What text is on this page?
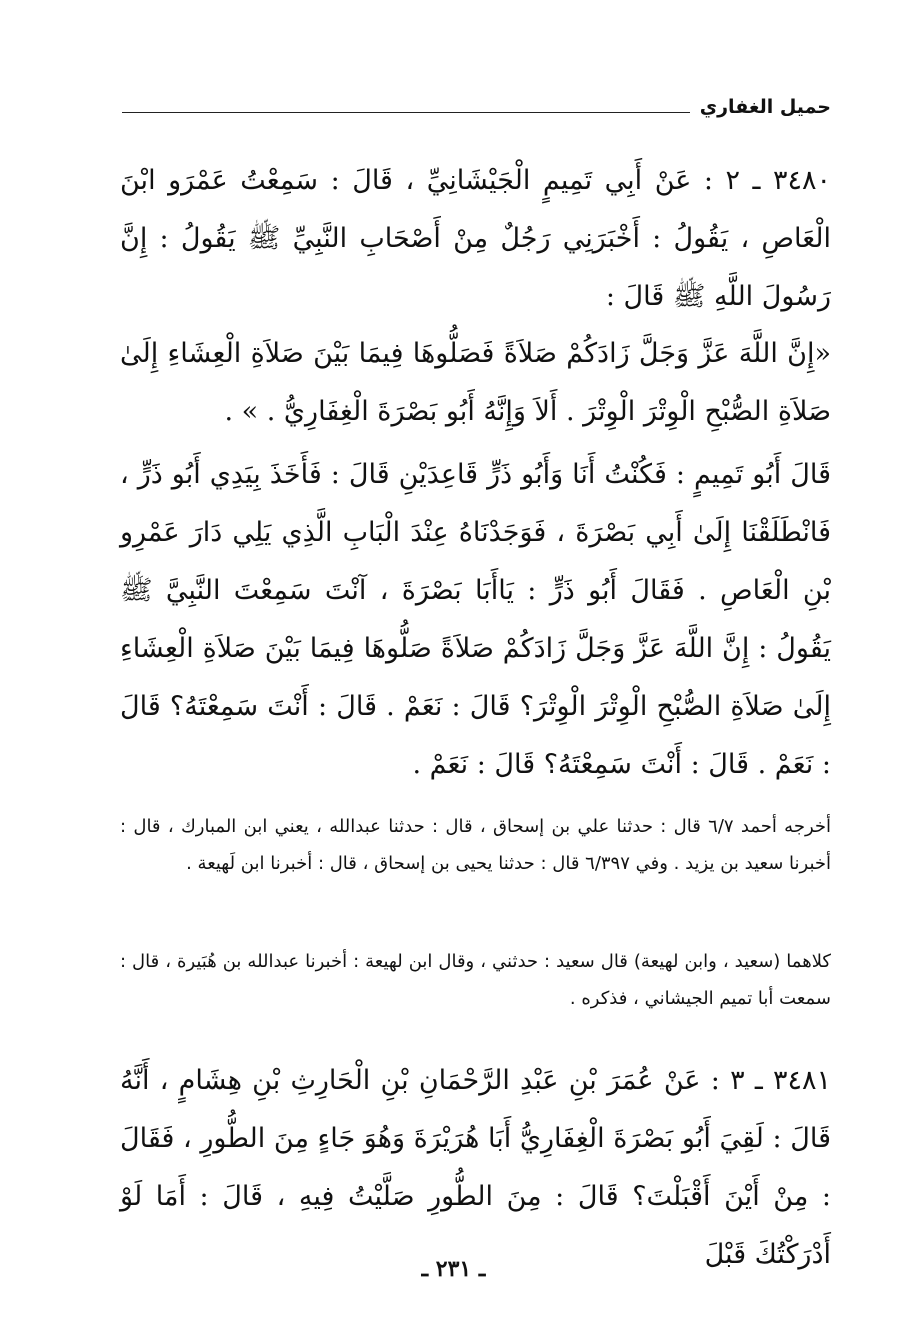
حميل الغفاري

٣٤٨٠ ـ ٢ : عَنْ أَبِي تَمِيمٍ الْجَيْشَانِيِّ ، قَالَ : سَمِعْتُ عَمْرَو ابْنَ الْعَاصِ ، يَقُولُ : أَخْبَرَنِي رَجُلٌ مِنْ أَصْحَابِ النَّبِيِّ ﷺ يَقُولُ : إِنَّ رَسُولَ اللَّهِ ﷺ قَالَ :

«إِنَّ اللَّهَ عَزَّ وَجَلَّ زَادَكُمْ صَلاَةً فَصَلُّوهَا فِيمَا بَيْنَ صَلاَةِ الْعِشَاءِ إِلَىٰ صَلاَةِ الصُّبْحِ الْوِتْرَ الْوِتْرَ . أَلاَ وَإِنَّهُ أَبُو بَصْرَةَ الْغِفَارِيُّ . » .

قَالَ أَبُو تَمِيمٍ : فَكُنْتُ أَنَا وَأَبُو ذَرٍّ قَاعِدَيْنِ قَالَ : فَأَخَذَ بِيَدِي أَبُو ذَرٍّ ، فَانْطَلَقْنَا إِلَىٰ أَبِي بَصْرَةَ ، فَوَجَدْنَاهُ عِنْدَ الْبَابِ الَّذِي يَلِي دَارَ عَمْرِو بْنِ الْعَاصِ . فَقَالَ أَبُو ذَرٍّ : يَاأَبَا بَصْرَةَ ، آنْتَ سَمِعْتَ النَّبِيَّ ﷺ يَقُولُ : إِنَّ اللَّهَ عَزَّ وَجَلَّ زَادَكُمْ صَلاَةً صَلُّوهَا فِيمَا بَيْنَ صَلاَةِ الْعِشَاءِ إِلَىٰ صَلاَةِ الصُّبْحِ الْوِتْرَ الْوِتْرَ؟ قَالَ : نَعَمْ . قَالَ : أَنْتَ سَمِعْتَهُ؟ قَالَ : نَعَمْ . قَالَ : أَنْتَ سَمِعْتَهُ؟ قَالَ : نَعَمْ .

أخرجه أحمد ٦/٧ قال : حدثنا علي بن إسحاق ، قال : حدثنا عبدالله ، يعني ابن المبارك ، قال : أخبرنا سعيد بن يزيد . وفي ٦/٣٩٧ قال : حدثنا يحيى بن إسحاق ، قال : أخبرنا ابن لَهيعة .

كلاهما (سعيد ، وابن لهيعة) قال سعيد : حدثني ، وقال ابن لهيعة : أخبرنا عبدالله بن هُبَيرة ، قال : سمعت أبا تميم الجيشاني ، فذكره .

٣٤٨١ ـ ٣ : عَنْ عُمَرَ بْنِ عَبْدِ الرَّحْمَانِ بْنِ الْحَارِثِ بْنِ هِشَامٍ ، أَنَّهُ قَالَ : لَقِيَ أَبُو بَصْرَةَ الْغِفَارِيُّ أَبَا هُرَيْرَةَ وَهُوَ جَاءٍ مِنَ الطُّورِ ، فَقَالَ : مِنْ أَيْنَ أَقْبَلْتَ؟ قَالَ : مِنَ الطُّورِ صَلَّيْتُ فِيهِ ، قَالَ : أَمَا لَوْ أَدْرَكْتُكَ قَبْلَ

ـ ٢٣١ ـ
